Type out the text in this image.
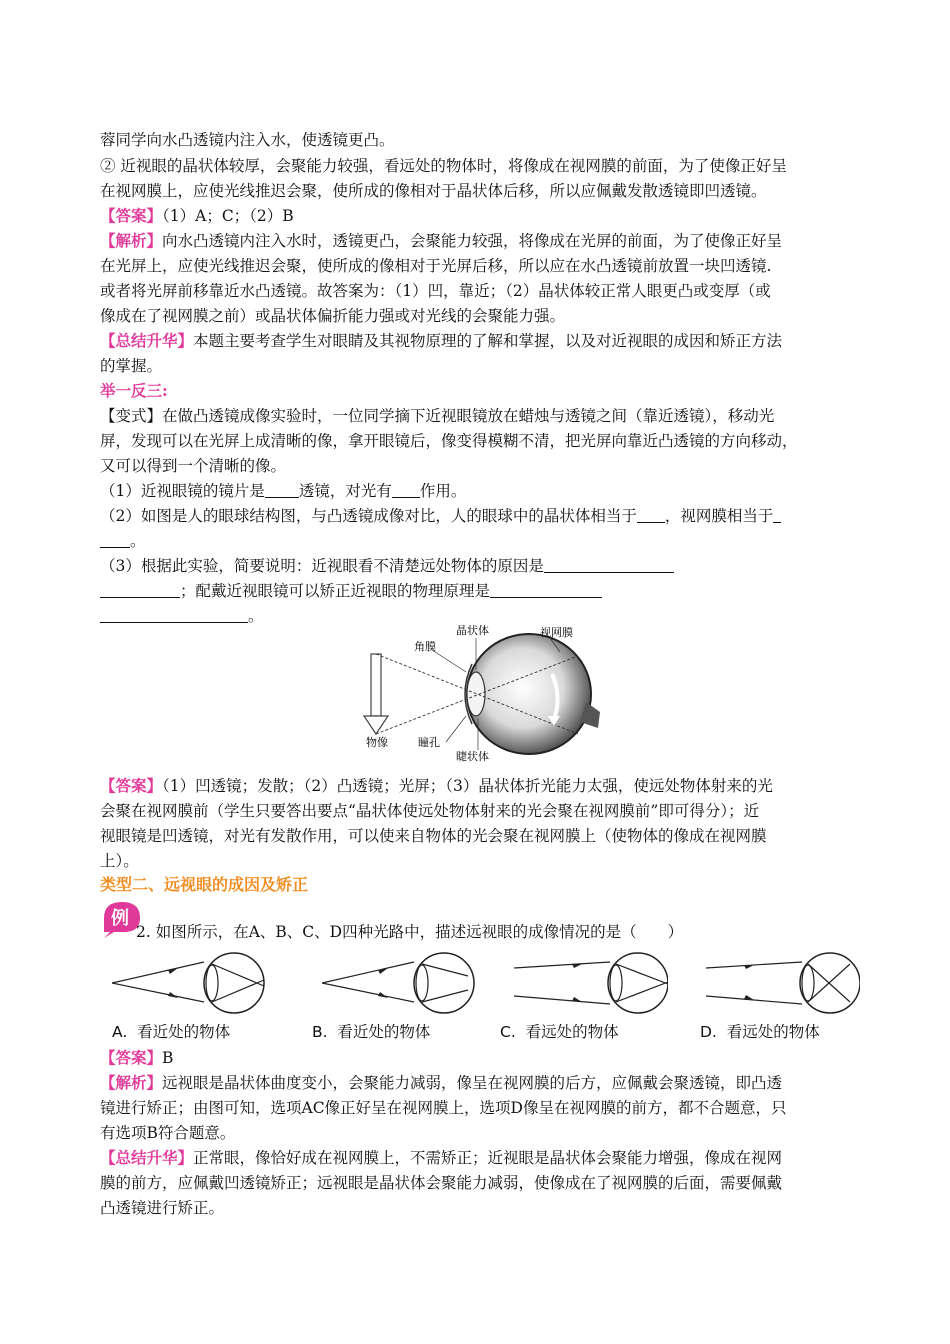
蓉同学向水凸透镜内注入水，使透镜更凸。
② 近视眼的晶状体较厚，会聚能力较强，看远处的物体时，将像成在视网膜的前面，为了使像正好呈
在视网膜上，应使光线推迟会聚，使所成的像相对于晶状体后移，所以应佩戴发散透镜即凹透镜。
【答案】（1）A；C；（2）B
【解析】向水凸透镜内注入水时，透镜更凸，会聚能力较强，将像成在光屏的前面，为了使像正好呈
在光屏上，应使光线推迟会聚，使所成的像相对于光屏后移，所以应在水凸透镜前放置一块凹透镜.
或者将光屏前移靠近水凸透镜。故答案为：（1）凹，靠近；（2）晶状体较正常人眼更凸或变厚（或
像成在了视网膜之前）或晶状体偏折能力强或对光线的会聚能力强。
【总结升华】本题主要考查学生对眼睛及其视物原理的了解和掌握，以及对近视眼的成因和矫正方法
的掌握。
举一反三:
【变式】在做凸透镜成像实验时，一位同学摘下近视眼镜放在蜡烛与透镜之间（靠近透镜），移动光
屏，发现可以在光屏上成清晰的像，拿开眼镜后，像变得模糊不清，把光屏向靠近凸透镜的方向移动，
又可以得到一个清晰的像。
（1）近视眼镜的镜片是 透镜，对光有 作用。
（2）如图是人的眼球结构图，与凸透镜成像对比，人的眼球中的晶状体相当于 ，视网膜相当于
。
（3）根据此实验，简要说明：近视眼看不清楚远处物体的原因是
；配戴近视眼镜可以矫正近视眼的物理原理是
。
晶状体	视网膜
角膜
物像	瞳孔
睫状体
【答案】（1）凹透镜；发散；（2）凸透镜；光屏；（3）晶状体折光能力太强，使远处物体射来的光
会聚在视网膜前（学生只要答出要点“晶状体使远处物体射来的光会聚在视网膜前”即可得分）；近
视眼镜是凹透镜，对光有发散作用，可以使来自物体的光会聚在视网膜上（使物体的像成在视网膜
上）。
类型二、远视眼的成因及矫正
例
2. 如图所示，在A、B、C、D四种光路中，描述远视眼的成像情况的是（　　）
A. 看近处的物体	B. 看近处的物体	C. 看远处的物体	D. 看远处的物体
【答案】B
【解析】远视眼是晶状体曲度变小，会聚能力减弱，像呈在视网膜的后方，应佩戴会聚透镜，即凸透
镜进行矫正；由图可知，选项AC像正好呈在视网膜上，选项D像呈在视网膜的前方，都不合题意，只
有选项B符合题意。
【总结升华】正常眼，像恰好成在视网膜上，不需矫正；近视眼是晶状体会聚能力增强，像成在视网
膜的前方，应佩戴凹透镜矫正；远视眼是晶状体会聚能力减弱，使像成在了视网膜的后面，需要佩戴
凸透镜进行矫正。
